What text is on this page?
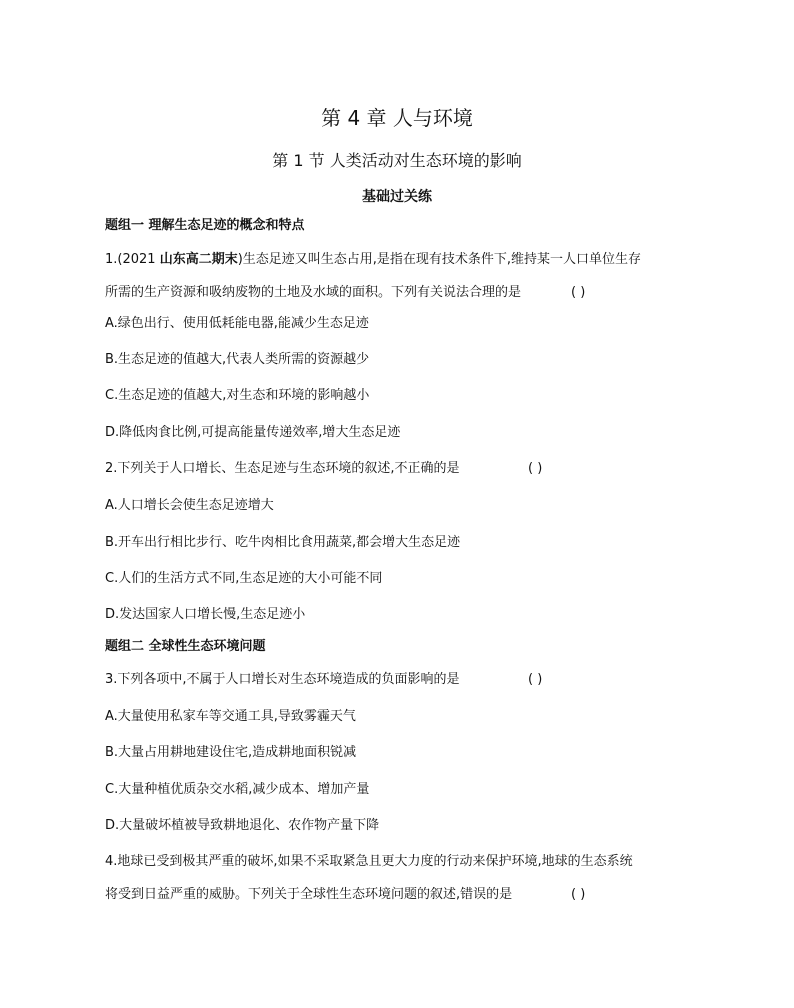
第 4 章 人与环境
第 1 节 人类活动对生态环境的影响
基础过关练
题组一 理解生态足迹的概念和特点
1.(2021 山东高二期末)生态足迹又叫生态占用,是指在现有技术条件下,维持某一人口单位生存
所需的生产资源和吸纳废物的土地及水域的面积。下列有关说法合理的是	( )
A.绿色出行、使用低耗能电器,能减少生态足迹
B.生态足迹的值越大,代表人类所需的资源越少
C.生态足迹的值越大,对生态和环境的影响越小
D.降低肉食比例,可提高能量传递效率,增大生态足迹
2.下列关于人口增长、生态足迹与生态环境的叙述,不正确的是	( )
A.人口增长会使生态足迹增大
B.开车出行相比步行、吃牛肉相比食用蔬菜,都会增大生态足迹
C.人们的生活方式不同,生态足迹的大小可能不同
D.发达国家人口增长慢,生态足迹小
题组二 全球性生态环境问题
3.下列各项中,不属于人口增长对生态环境造成的负面影响的是	( )
A.大量使用私家车等交通工具,导致雾霾天气
B.大量占用耕地建设住宅,造成耕地面积锐减
C.大量种植优质杂交水稻,减少成本、增加产量
D.大量破坏植被导致耕地退化、农作物产量下降
4.地球已受到极其严重的破坏,如果不采取紧急且更大力度的行动来保护环境,地球的生态系统
将受到日益严重的威胁。下列关于全球性生态环境问题的叙述,错误的是	( )
